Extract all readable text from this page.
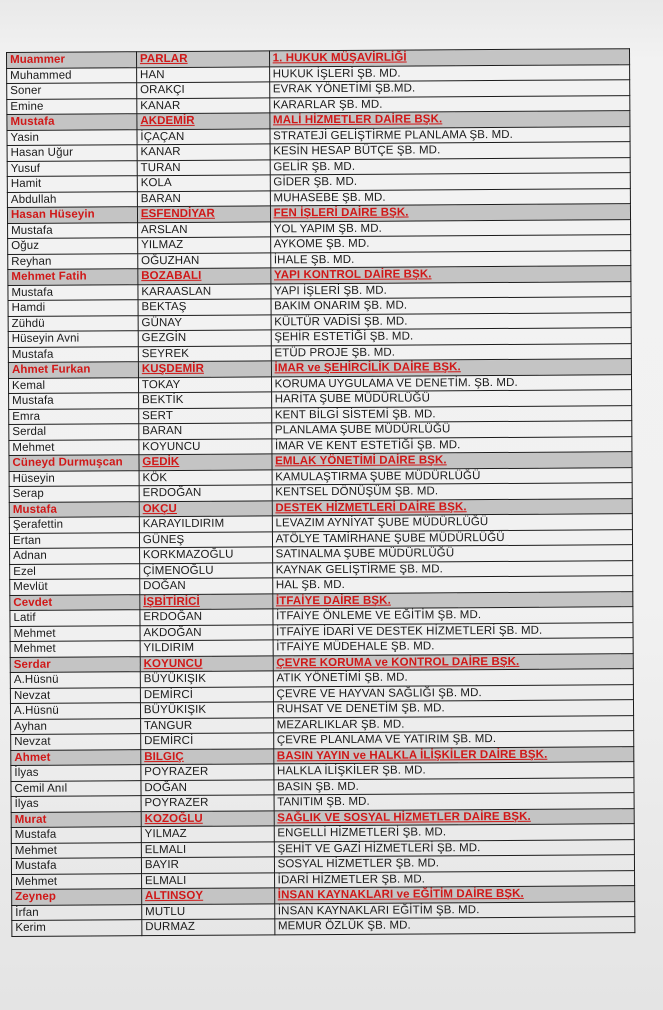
Muammer	PARLAR	1. HUKUK MÜŞAVİRLİĞİ
Muhammed	HAN	HUKUK İŞLERİ ŞB. MD.
Soner	ORAKÇI	EVRAK YÖNETİMİ ŞB.MD.
Emine	KANAR	KARARLAR ŞB. MD.
Mustafa	AKDEMİR	MALİ HİZMETLER DAİRE BŞK.
Yasin	İÇAÇAN	STRATEJİ GELİŞTİRME PLANLAMA ŞB. MD.
Hasan Uğur	KANAR	KESİN HESAP BÜTÇE ŞB. MD.
Yusuf	TURAN	GELİR ŞB. MD.
Hamit	KOLA	GİDER ŞB. MD.
Abdullah	BARAN	MUHASEBE ŞB. MD.
Hasan Hüseyin	ESFENDİYAR	FEN İŞLERİ DAİRE BŞK.
Mustafa	ARSLAN	YOL YAPIM ŞB. MD.
Oğuz	YILMAZ	AYKOME ŞB. MD.
Reyhan	OĞUZHAN	İHALE ŞB. MD.
Mehmet Fatih	BOZABALI	YAPI KONTROL DAİRE BŞK.
Mustafa	KARAASLAN	YAPI İŞLERİ ŞB. MD.
Hamdi	BEKTAŞ	BAKIM ONARIM ŞB. MD.
Zühdü	GÜNAY	KÜLTÜR VADİSİ ŞB. MD.
Hüseyin Avni	GEZGİN	ŞEHİR ESTETİĞİ ŞB. MD.
Mustafa	SEYREK	ETÜD PROJE ŞB. MD.
Ahmet Furkan	KUŞDEMİR	İMAR ve ŞEHİRCİLİK DAİRE BŞK.
Kemal	TOKAY	KORUMA UYGULAMA VE DENETİM. ŞB. MD.
Mustafa	BEKTİK	HARİTA ŞUBE MÜDÜRLÜĞÜ
Emra	SERT	KENT BİLGİ SİSTEMİ ŞB. MD.
Serdal	BARAN	PLANLAMA ŞUBE MÜDÜRLÜĞÜ
Mehmet	KOYUNCU	İMAR VE KENT ESTETİĞİ ŞB. MD.
Cüneyd Durmuşcan	GEDİK	EMLAK YÖNETİMİ DAİRE BŞK.
Hüseyin	KÖK	KAMULAŞTIRMA ŞUBE MÜDÜRLÜĞÜ
Serap	ERDOĞAN	KENTSEL DÖNÜŞÜM ŞB. MD.
Mustafa	OKÇU	DESTEK HİZMETLERİ DAİRE BŞK.
Şerafettin	KARAYILDIRIM	LEVAZIM AYNİYAT ŞUBE MÜDÜRLÜĞÜ
Ertan	GÜNEŞ	ATÖLYE TAMİRHANE ŞUBE MÜDÜRLÜĞÜ
Adnan	KORKMAZOĞLU	SATINALMA ŞUBE MÜDÜRLÜĞÜ
Ezel	ÇİMENOĞLU	KAYNAK GELİŞTİRME ŞB. MD.
Mevlüt	DOĞAN	HAL ŞB. MD.
Cevdet	İŞBİTİRİCİ	İTFAİYE DAİRE BŞK.
Latif	ERDOĞAN	İTFAİYE ÖNLEME VE EĞİTİM ŞB. MD.
Mehmet	AKDOĞAN	İTFAİYE İDARİ VE DESTEK HİZMETLERİ ŞB. MD.
Mehmet	YILDIRIM	İTFAİYE MÜDEHALE ŞB. MD.
Serdar	KOYUNCU	ÇEVRE KORUMA ve KONTROL DAİRE BŞK.
A.Hüsnü	BÜYÜKIŞIK	ATIK YÖNETİMİ ŞB. MD.
Nevzat	DEMİRCİ	ÇEVRE VE HAYVAN SAĞLIĞI ŞB. MD.
A.Hüsnü	BÜYÜKIŞIK	RUHSAT VE DENETİM ŞB. MD.
Ayhan	TANGUR	MEZARLIKLAR ŞB. MD.
Nevzat	DEMİRCİ	ÇEVRE PLANLAMA VE YATIRIM ŞB. MD.
Ahmet	BILGIÇ	BASIN YAYIN ve HALKLA İLİŞKİLER DAİRE BŞK.
İlyas	POYRAZER	HALKLA İLİŞKİLER ŞB. MD.
Cemil Anıl	DOĞAN	BASIN ŞB. MD.
İlyas	POYRAZER	TANITIM ŞB. MD.
Murat	KOZOĞLU	SAĞLIK VE SOSYAL HİZMETLER DAİRE BŞK.
Mustafa	YILMAZ	ENGELLİ HİZMETLERİ ŞB. MD.
Mehmet	ELMALI	ŞEHİT VE GAZİ HİZMETLERİ ŞB. MD.
Mustafa	BAYIR	SOSYAL HİZMETLER ŞB. MD.
Mehmet	ELMALI	İDARİ HİZMETLER ŞB. MD.
Zeynep	ALTINSOY	İNSAN KAYNAKLARI ve EĞİTİM DAİRE BŞK.
İrfan	MUTLU	İNSAN KAYNAKLARI EĞİTİM ŞB. MD.
Kerim	DURMAZ	MEMUR ÖZLÜK ŞB. MD.
